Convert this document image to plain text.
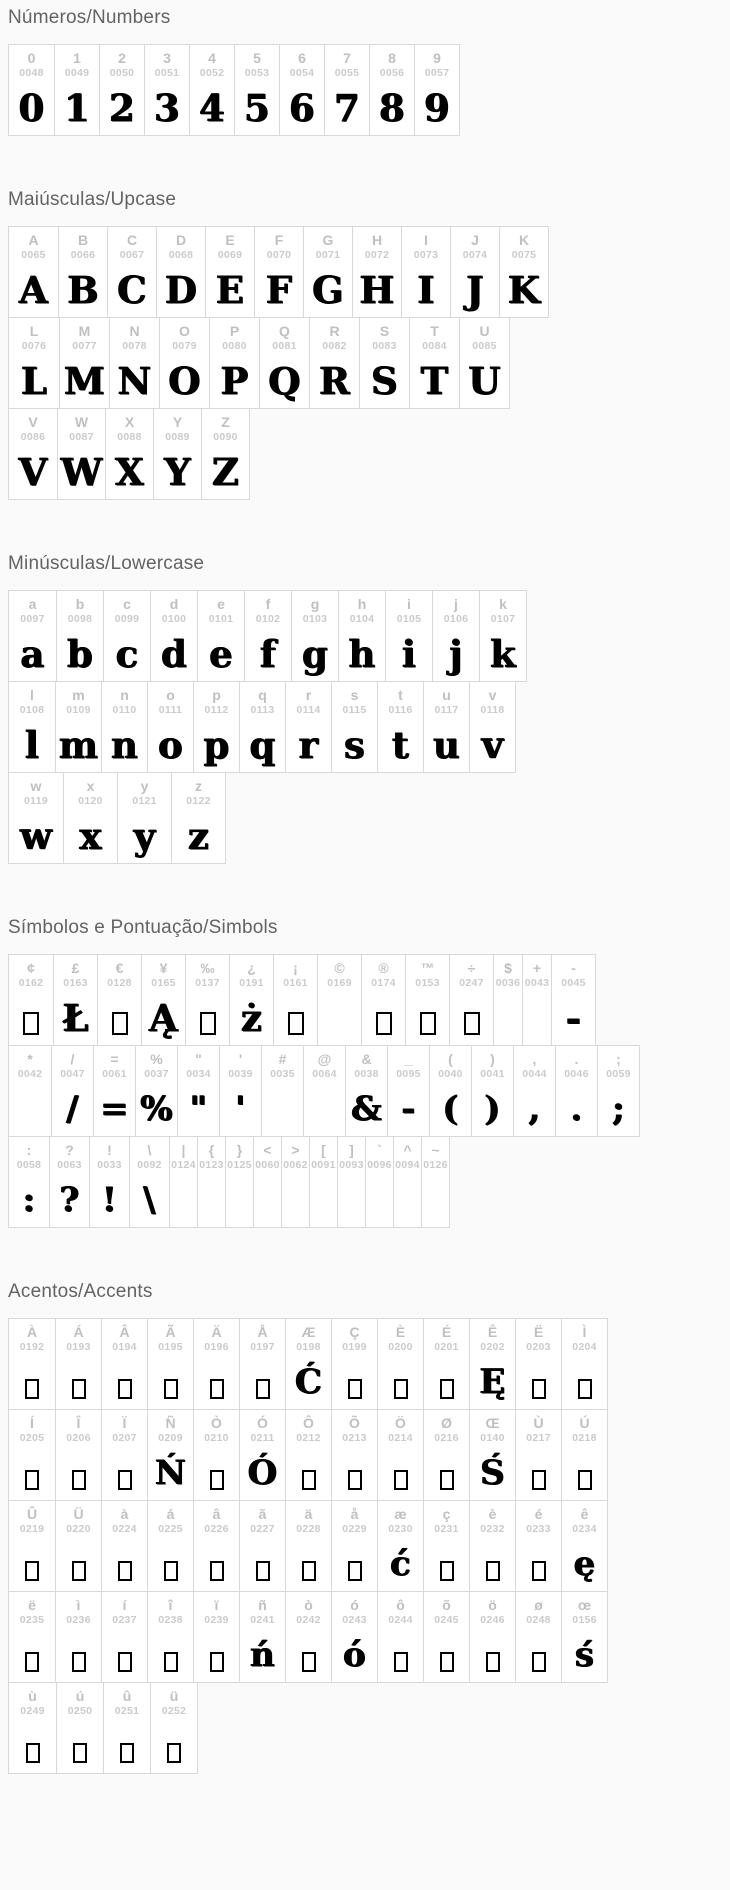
Números/Numbers
0
0048
0
1
0049
1
2
0050
2
3
0051
3
4
0052
4
5
0053
5
6
0054
6
7
0055
7
8
0056
8
9
0057
9
Maiúsculas/Upcase
A
0065
A
B
0066
B
C
0067
C
D
0068
D
E
0069
E
F
0070
F
G
0071
G
H
0072
H
I
0073
I
J
0074
J
K
0075
K
L
0076
L
M
0077
M
N
0078
N
O
0079
O
P
0080
P
Q
0081
Q
R
0082
R
S
0083
S
T
0084
T
U
0085
U
V
0086
V
W
0087
W
X
0088
X
Y
0089
Y
Z
0090
Z
Minúsculas/Lowercase
a
0097
a
b
0098
b
c
0099
c
d
0100
d
e
0101
e
f
0102
f
g
0103
g
h
0104
h
i
0105
i
j
0106
j
k
0107
k
l
0108
l
m
0109
m
n
0110
n
o
0111
o
p
0112
p
q
0113
q
r
0114
r
s
0115
s
t
0116
t
u
0117
u
v
0118
v
w
0119
w
x
0120
x
y
0121
y
z
0122
z
Símbolos e Pontuação/Simbols
¢
0162
£
0163
Ł
€
0128
¥
0165
Ą
‰
0137
¿
0191
ż
¡
0161
©
0169
®
0174
™
0153
÷
0247
$
0036
+
0043
-
0045
-
*
0042
/
0047
/
=
0061
=
%
0037
%
"
0034
"
'
0039
'
#
0035
@
0064
&
0038
&
_
0095
-
(
0040
(
)
0041
)
,
0044
,
.
0046
.
;
0059
;
:
0058
:
?
0063
?
!
0033
!
\
0092
\
|
0124
{
0123
}
0125
<
0060
>
0062
[
0091
]
0093
`
0096
^
0094
~
0126
Acentos/Accents
À
0192
Á
0193
Â
0194
Ã
0195
Ä
0196
Å
0197
Æ
0198
Ć
Ç
0199
È
0200
É
0201
Ê
0202
Ę
Ë
0203
Ì
0204
Í
0205
Î
0206
Ï
0207
Ñ
0209
Ń
Ò
0210
Ó
0211
Ó
Ô
0212
Õ
0213
Ö
0214
Ø
0216
Œ
0140
Ś
Ù
0217
Ú
0218
Û
0219
Ü
0220
à
0224
á
0225
â
0226
ã
0227
ä
0228
å
0229
æ
0230
ć
ç
0231
è
0232
é
0233
ê
0234
ę
ë
0235
ì
0236
í
0237
î
0238
ï
0239
ñ
0241
ń
ò
0242
ó
0243
ó
ô
0244
õ
0245
ö
0246
ø
0248
œ
0156
ś
ù
0249
ú
0250
û
0251
ü
0252
